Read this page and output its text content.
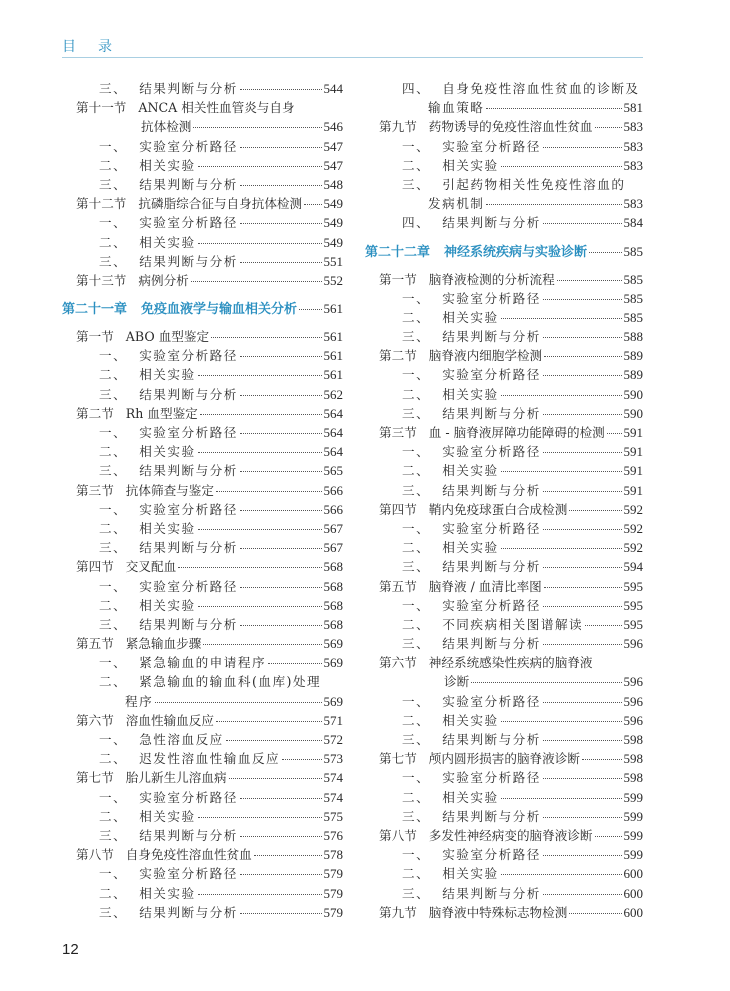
目 录
三、 结果判断与分析	544
第十一节 ANCA 相关性血管炎与自身
抗体检测	546
一、 实验室分析路径	547
二、 相关实验	547
三、 结果判断与分析	548
第十二节 抗磷脂综合征与自身抗体检测 549
一、 实验室分析路径	549
二、 相关实验	549
三、 结果判断与分析	551
第十三节 病例分析	552
第二十一章 免疫血液学与输血相关分析 561
第一节 ABO 血型鉴定	561
一、 实验室分析路径	561
二、 相关实验	561
三、 结果判断与分析	562
第二节 Rh 血型鉴定	564
一、 实验室分析路径	564
二、 相关实验	564
三、 结果判断与分析	565
第三节 抗体筛查与鉴定	566
一、 实验室分析路径	566
二、 相关实验	567
三、 结果判断与分析	567
第四节 交叉配血	568
一、 实验室分析路径	568
二、 相关实验	568
三、 结果判断与分析	568
第五节 紧急输血步骤	569
一、 紧急输血的申请程序	569
二、 紧急输血的输血科(血库)处理
程序	569
第六节 溶血性输血反应	571
一、 急性溶血反应	572
二、 迟发性溶血性输血反应	573
第七节 胎儿新生儿溶血病	574
一、 实验室分析路径	574
二、 相关实验	575
三、 结果判断与分析	576
第八节 自身免疫性溶血性贫血	578
一、 实验室分析路径	579
二、 相关实验	579
三、 结果判断与分析	579
四、 自身免疫性溶血性贫血的诊断及
输血策略	581
第九节 药物诱导的免疫性溶血性贫血 583
一、 实验室分析路径	583
二、 相关实验	583
三、 引起药物相关性免疫性溶血的
发病机制	583
四、 结果判断与分析	584
第二十二章 神经系统疾病与实验诊断	585
第一节 脑脊液检测的分析流程	585
一、 实验室分析路径	585
二、 相关实验	585
三、 结果判断与分析	588
第二节 脑脊液内细胞学检测	589
一、 实验室分析路径	589
二、 相关实验	590
三、 结果判断与分析	590
第三节 血 - 脑脊液屏障功能障碍的检测 591
一、 实验室分析路径	591
二、 相关实验	591
三、 结果判断与分析	591
第四节 鞘内免疫球蛋白合成检测	592
一、 实验室分析路径	592
二、 相关实验	592
三、 结果判断与分析	594
第五节 脑脊液 / 血清比率图	595
一、 实验室分析路径	595
二、 不同疾病相关图谱解读	595
三、 结果判断与分析	596
第六节 神经系统感染性疾病的脑脊液
诊断	596
一、 实验室分析路径	596
二、 相关实验	596
三、 结果判断与分析	598
第七节 颅内圆形损害的脑脊液诊断	598
一、 实验室分析路径	598
二、 相关实验	599
三、 结果判断与分析	599
第八节 多发性神经病变的脑脊液诊断 599
一、 实验室分析路径	599
二、 相关实验	600
三、 结果判断与分析	600
第九节 脑脊液中特殊标志物检测	600
12
